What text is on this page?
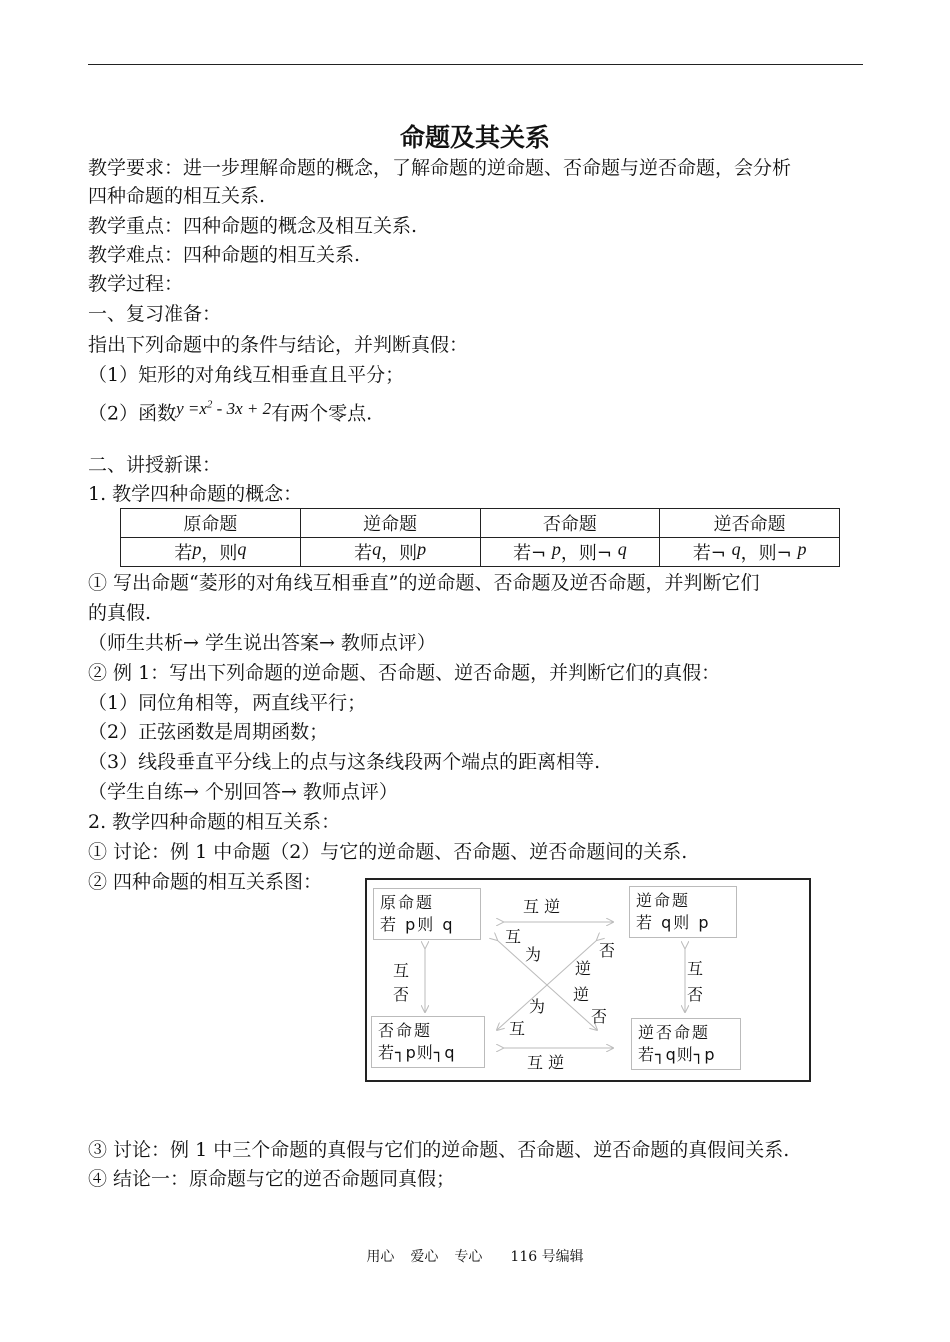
命题及其关系
教学要求：进一步理解命题的概念，了解命题的逆命题、否命题与逆否命题，会分析
四种命题的相互关系.
教学重点：四种命题的概念及相互关系.
教学难点：四种命题的相互关系.
教学过程：
一、复习准备：
指出下列命题中的条件与结论，并判断真假：
（1）矩形的对角线互相垂直且平分；
（2）函数$y =x^2 - 3x + 2$有两个零点.
二、讲授新课：
1. 教学四种命题的概念：
原命题	逆命题	否命题	逆否命题
若p，则q	若q，则p	若¬ p，则¬ q	若¬ q，则¬ p
① 写出命题“菱形的对角线互相垂直”的逆命题、否命题及逆否命题，并判断它们
的真假.
（师生共析→ 学生说出答案→ 教师点评）
② 例 1：写出下列命题的逆命题、否命题、逆否命题，并判断它们的真假：
（1）同位角相等，两直线平行；
（2）正弦函数是周期函数；
（3）线段垂直平分线上的点与这条线段两个端点的距离相等.
（学生自练→ 个别回答→ 教师点评）
2. 教学四种命题的相互关系：
① 讨论：例 1 中命题（2）与它的逆命题、否命题、逆否命题间的关系.
② 四种命题的相互关系图：
原命题
若 p则 q
逆命题
若 q则 p
否命题
若┐p则┐q
逆否命题
若┐q则┐p
互 逆
互 逆
互
否
互
否
互
为
逆
否
逆
为
否
互
③ 讨论：例 1 中三个命题的真假与它们的逆命题、否命题、逆否命题的真假间关系.
④ 结论一：原命题与它的逆否命题同真假；
用心 爱心 专心 116 号编辑
